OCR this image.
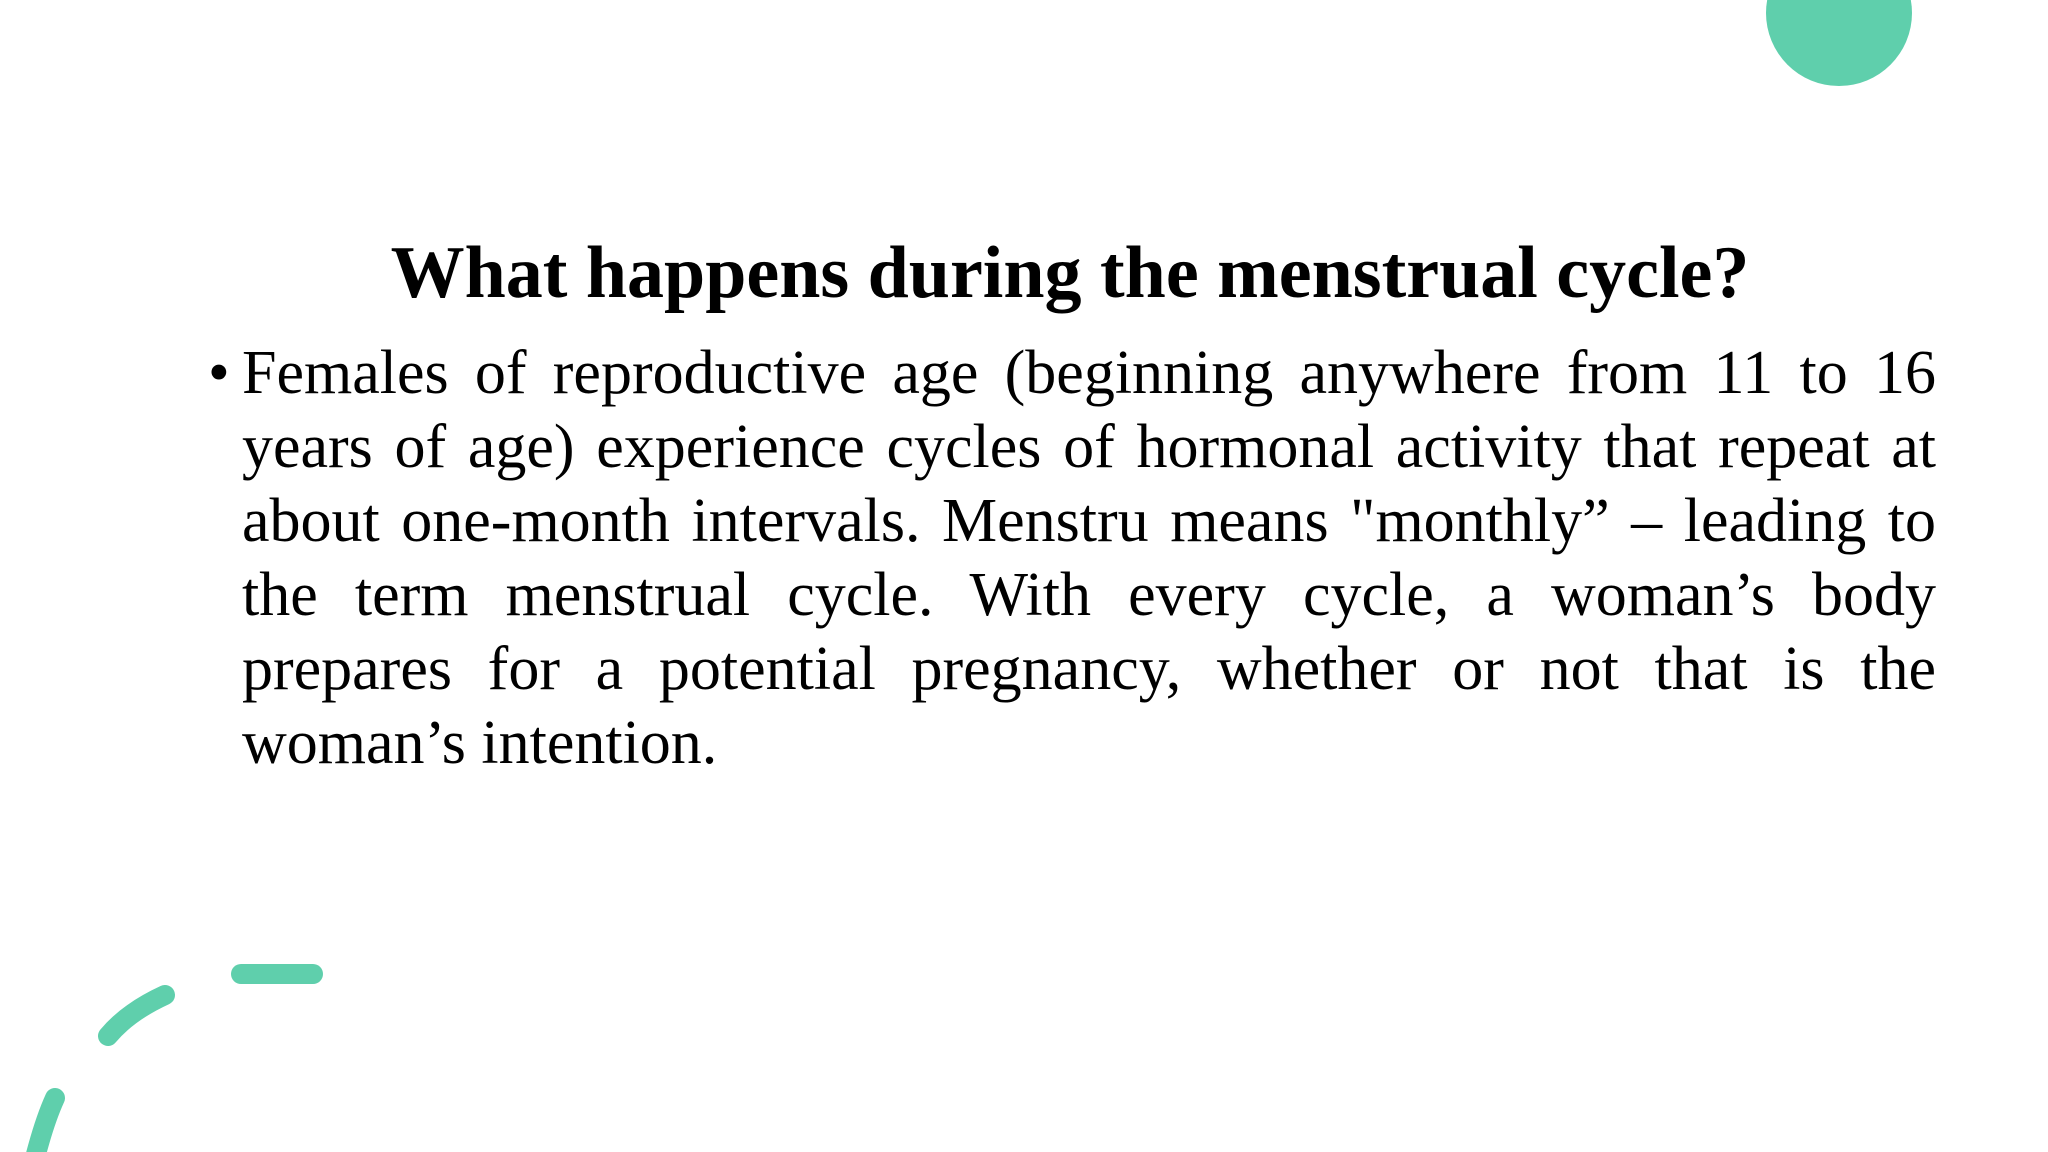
What happens during the menstrual cycle?
• Females of reproductive age (beginning anywhere from 11 to 16 years of age) experience cycles of hormonal activity that repeat at about one-month intervals. Menstru means "monthly” – leading to the term menstrual cycle. With every cycle, a woman’s body prepares for a potential pregnancy, whether or not that is the woman’s intention.
